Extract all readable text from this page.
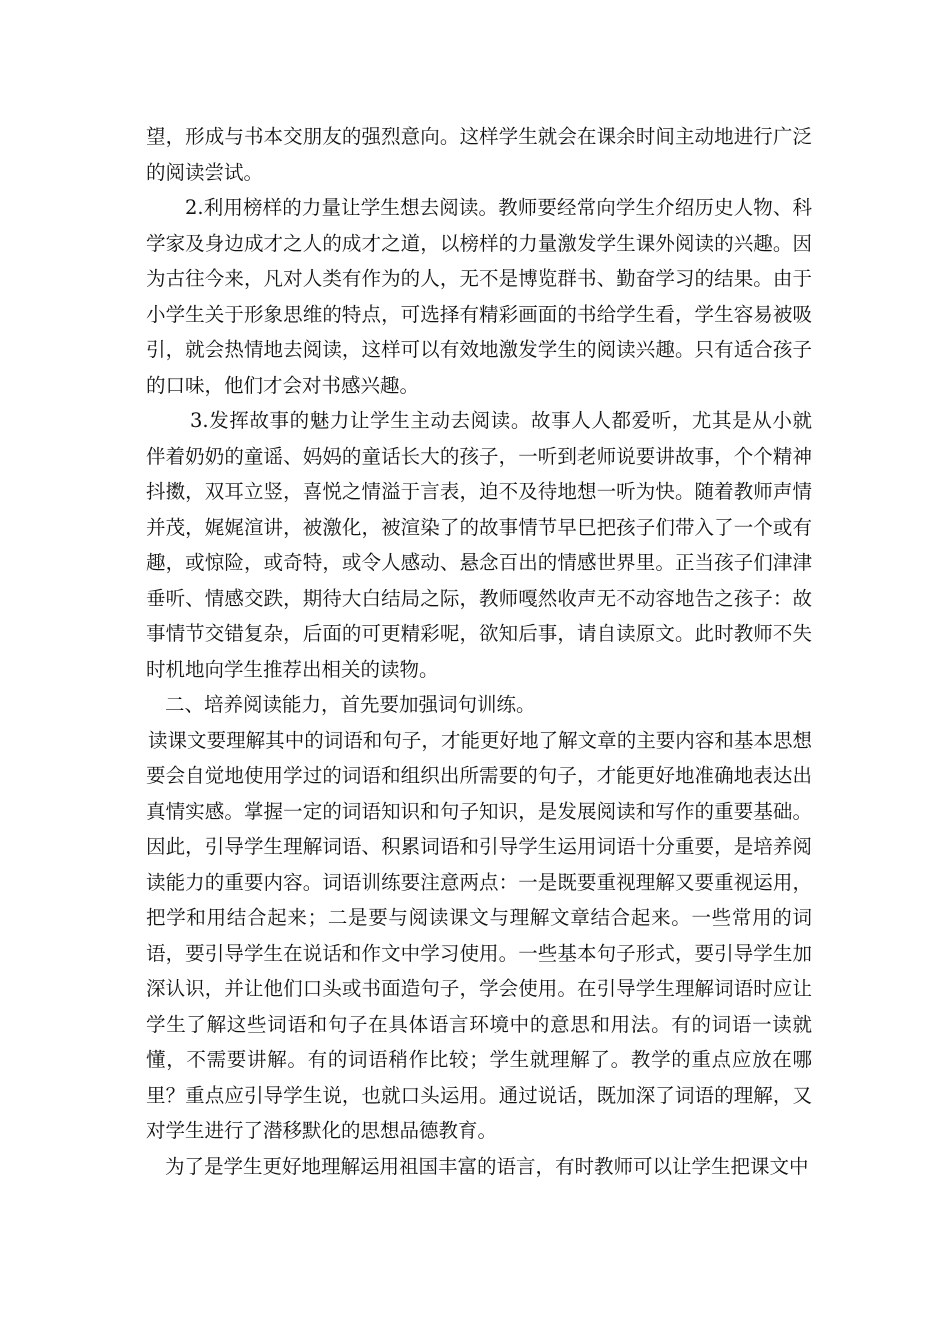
望，形成与书本交朋友的强烈意向。这样学生就会在课余时间主动地进行广泛的阅读尝试。

2.利用榜样的力量让学生想去阅读。教师要经常向学生介绍历史人物、科学家及身边成才之人的成才之道，以榜样的力量激发学生课外阅读的兴趣。因为古往今来，凡对人类有作为的人，无不是博览群书、勤奋学习的结果。由于小学生关于形象思维的特点，可选择有精彩画面的书给学生看，学生容易被吸引，就会热情地去阅读，这样可以有效地激发学生的阅读兴趣。只有适合孩子的口味，他们才会对书感兴趣。

3.发挥故事的魅力让学生主动去阅读。故事人人都爱听，尤其是从小就伴着奶奶的童谣、妈妈的童话长大的孩子，一听到老师说要讲故事，个个精神抖擞，双耳立竖，喜悦之情溢于言表，迫不及待地想一听为快。随着教师声情并茂，娓娓渲讲，被激化，被渲染了的故事情节早巳把孩子们带入了一个或有趣，或惊险，或奇特，或令人感动、悬念百出的情感世界里。正当孩子们津津垂听、情感交跌，期待大白结局之际，教师嘎然收声无不动容地告之孩子：故事情节交错复杂，后面的可更精彩呢，欲知后事，请自读原文。此时教师不失时机地向学生推荐出相关的读物。

二、培养阅读能力，首先要加强词句训练。

读课文要理解其中的词语和句子，才能更好地了解文章的主要内容和基本思想要会自觉地使用学过的词语和组织出所需要的句子，才能更好地准确地表达出真情实感。掌握一定的词语知识和句子知识，是发展阅读和写作的重要基础。因此，引导学生理解词语、积累词语和引导学生运用词语十分重要，是培养阅读能力的重要内容。词语训练要注意两点：一是既要重视理解又要重视运用，把学和用结合起来；二是要与阅读课文与理解文章结合起来。一些常用的词语，要引导学生在说话和作文中学习使用。一些基本句子形式，要引导学生加深认识，并让他们口头或书面造句子，学会使用。在引导学生理解词语时应让学生了解这些词语和句子在具体语言环境中的意思和用法。有的词语一读就懂，不需要讲解。有的词语稍作比较；学生就理解了。教学的重点应放在哪里？重点应引导学生说，也就口头运用。通过说话，既加深了词语的理解，又对学生进行了潜移默化的思想品德教育。

为了是学生更好地理解运用祖国丰富的语言，有时教师可以让学生把课文中
